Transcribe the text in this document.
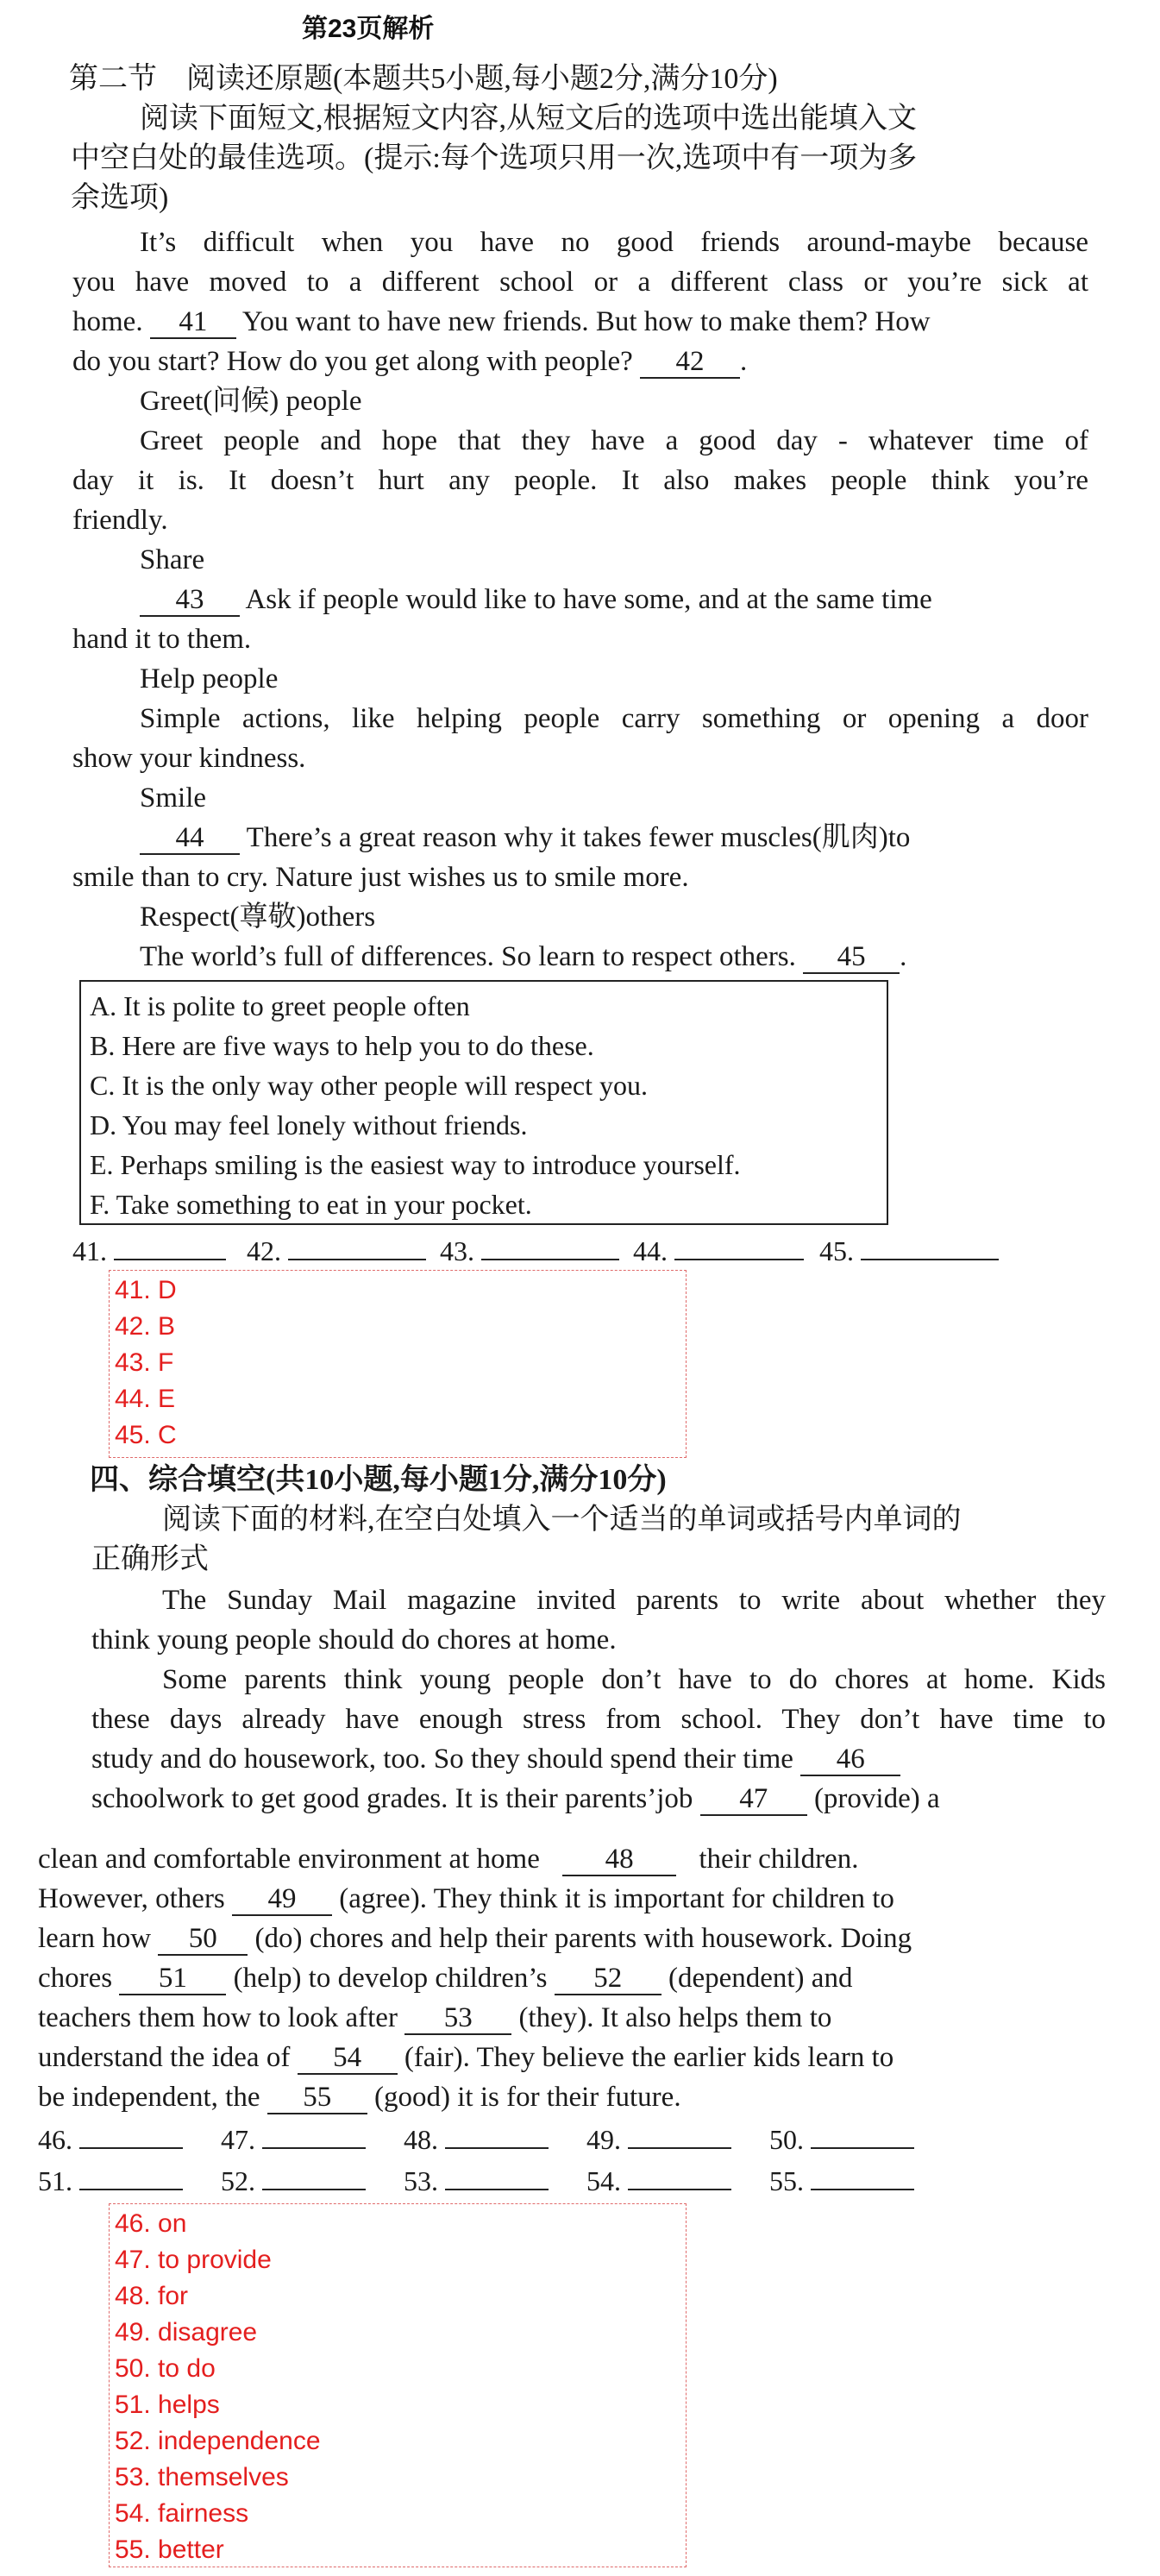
第23页解析
第二节　阅读还原题(本题共5小题,每小题2分,满分10分)
阅读下面短文,根据短文内容,从短文后的选项中选出能填入文
中空白处的最佳选项。(提示:每个选项只用一次,选项中有一项为多
余选项)
It’s difficult when you have no good friends around-maybe because
you have moved to a different school or a different class or you’re sick at
home. 41 You want to have new friends. But how to make them? How
do you start? How do you get along with people? 42 .
Greet(问候) people
Greet people and hope that they have a good day - whatever time of
day it is. It doesn’t hurt any people. It also makes people think you’re
friendly.
Share
43 Ask if people would like to have some, and at the same time
hand it to them.
Help people
Simple actions, like helping people carry something or opening a door
show your kindness.
Smile
44 There’s a great reason why it takes fewer muscles(肌肉)to
smile than to cry. Nature just wishes us to smile more.
Respect(尊敬)others
The world’s full of differences. So learn to respect others. 45 .
A. It is polite to greet people often
B. Here are five ways to help you to do these.
C. It is the only way other people will respect you.
D. You may feel lonely without friends.
E. Perhaps smiling is the easiest way to introduce yourself.
F. Take something to eat in your pocket.
41.	42.	43.	44.	45.
41. D
42. B
43. F
44. E
45. C
四、综合填空(共10小题,每小题1分,满分10分)
阅读下面的材料,在空白处填入一个适当的单词或括号内单词的
正确形式
The Sunday Mail magazine invited parents to write about whether they
think young people should do chores at home.
Some parents think young people don’t have to do chores at home. Kids
these days already have enough stress from school. They don’t have time to
study and do housework, too. So they should spend their time 46
schoolwork to get good grades. It is their parents’job 47 (provide) a
clean and comfortable environment at home 48 their children.
However, others 49 (agree). They think it is important for children to
learn how 50 (do) chores and help their parents with housework. Doing
chores 51 (help) to develop children’s 52 (dependent) and
teachers them how to look after 53 (they). It also helps them to
understand the idea of 54 (fair). They believe the earlier kids learn to
be independent, the 55 (good) it is for their future.
46.	47.	48.	49.	50.
51.	52.	53.	54.	55.
46. on
47. to provide
48. for
49. disagree
50. to do
51. helps
52. independence
53. themselves
54. fairness
55. better
